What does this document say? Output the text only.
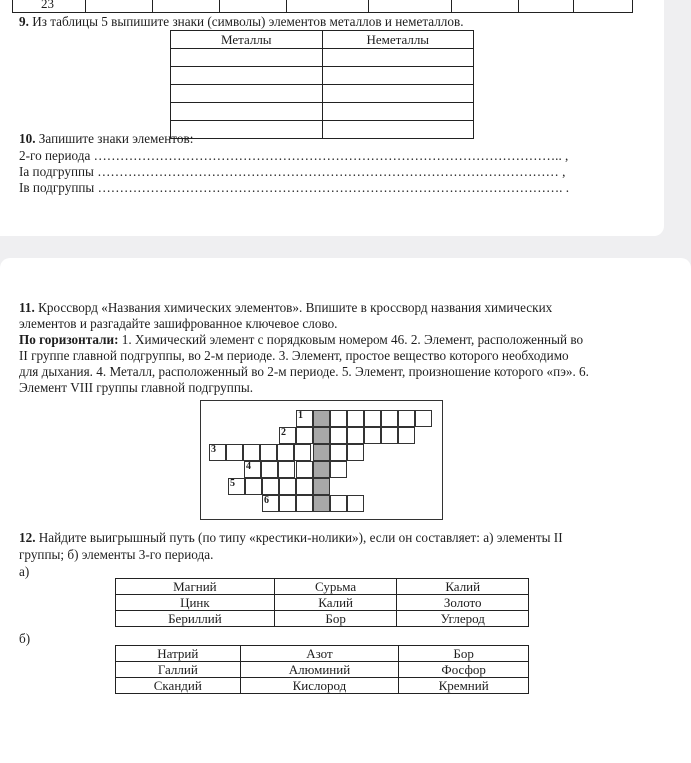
23
9. Из таблицы 5 выпишите знаки (символы) элементов металлов и неметаллов.
Металлы	Неметаллы

10. Запишите знаки элементов:
2-го периода …………………………………………………………………………………………….. ,
Iа подгруппы …………………………………………………………………………………………… ,
Iв подгруппы ……………………………………………………………………………………………. .
11. Кроссворд «Названия химических элементов». Впишите в кроссворд названия химических
элементов и разгадайте зашифрованное ключевое слово.
По горизонтали: 1. Химический элемент с порядковым номером 46. 2. Элемент, расположенный во
II группе главной подгруппы, во 2-м периоде. 3. Элемент, простое вещество которого необходимо
для дыхания. 4. Металл, расположенный во 2-м периоде. 5. Элемент, произношение которого «пэ». 6.
Элемент VIII группы главной подгруппы.
1
2
3
4
5
6
12. Найдите выигрышный путь (по типу «крестики-нолики»), если он составляет: а) элементы II
группы; б) элементы 3-го периода.
а)
Магний	Сурьма	Калий
Цинк	Калий	Золото
Бериллий	Бор	Углерод
б)
Натрий	Азот	Бор
Галлий	Алюминий	Фосфор
Скандий	Кислород	Кремний
